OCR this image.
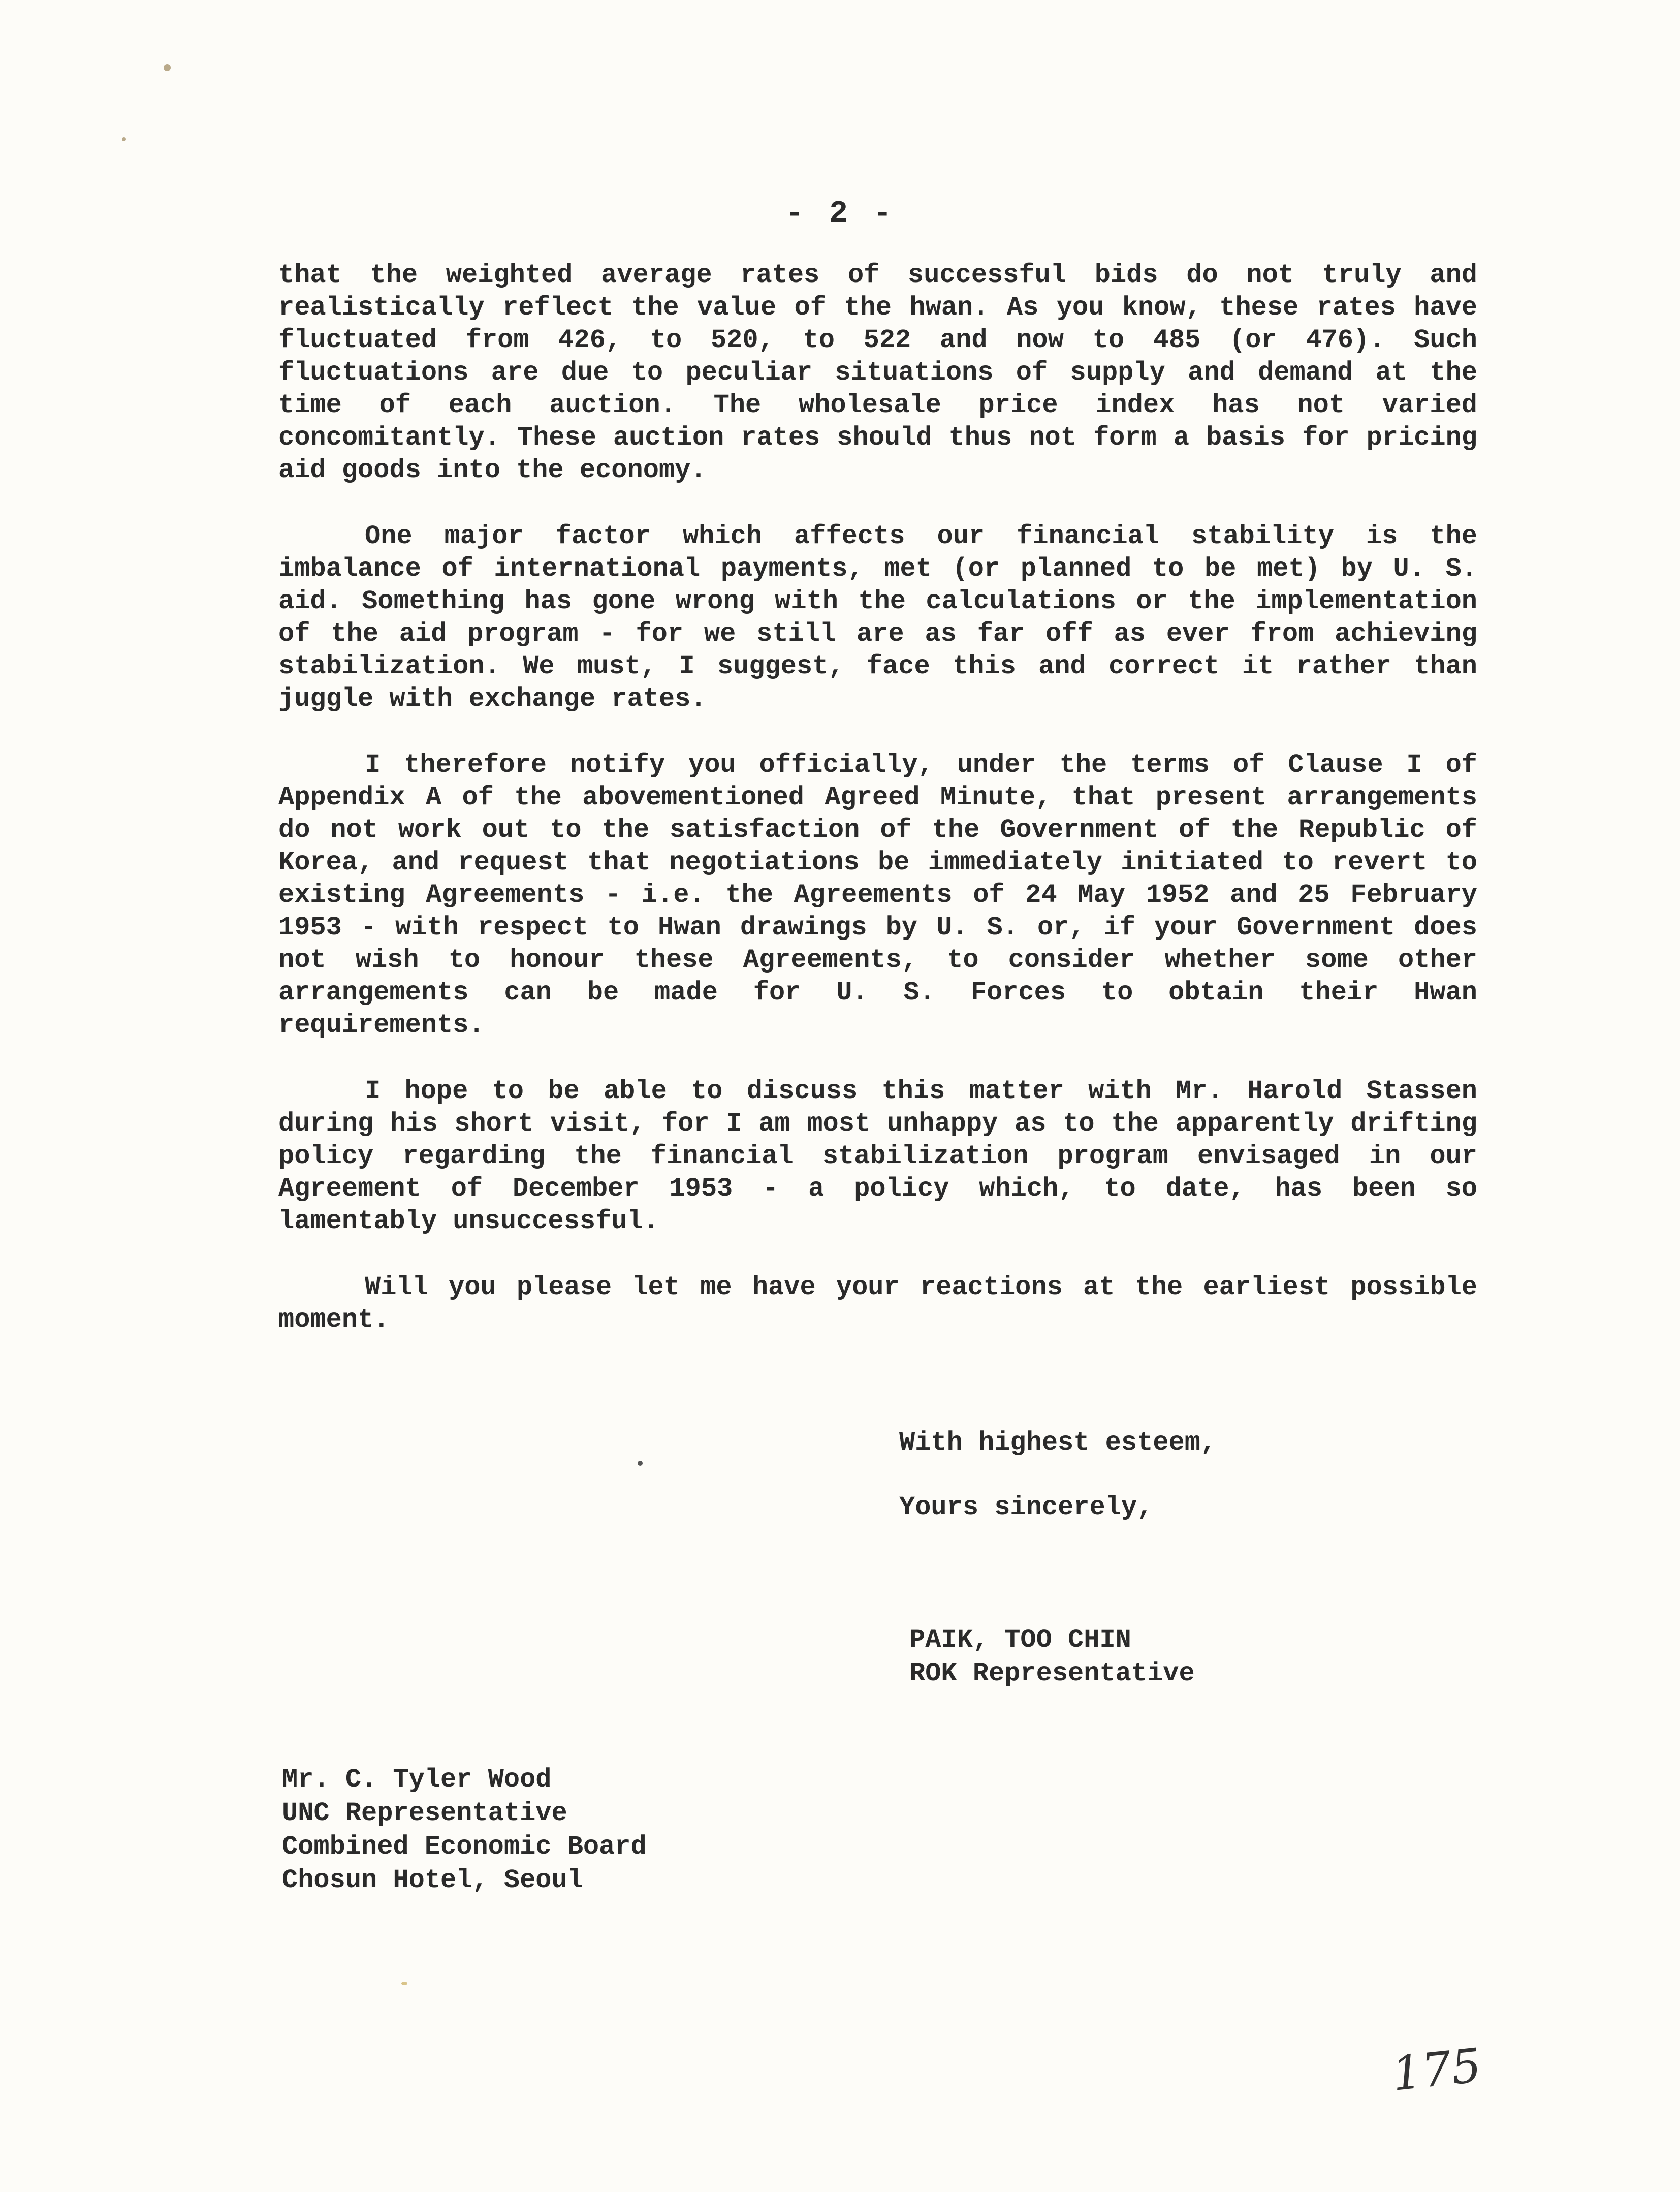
- 2 -

that the weighted average rates of successful bids do not truly and realistically reflect the value of the hwan. As you know, these rates have fluctuated from 426, to 520, to 522 and now to 485 (or 476). Such fluctuations are due to peculiar situations of supply and demand at the time of each auction. The wholesale price index has not varied concomitantly. These auction rates should thus not form a basis for pricing aid goods into the economy.

One major factor which affects our financial stability is the imbalance of international payments, met (or planned to be met) by U. S. aid. Something has gone wrong with the calculations or the implementation of the aid program - for we still are as far off as ever from achieving stabilization. We must, I suggest, face this and correct it rather than juggle with exchange rates.

I therefore notify you officially, under the terms of Clause I of Appendix A of the abovementioned Agreed Minute, that present arrangements do not work out to the satisfaction of the Government of the Republic of Korea, and request that negotiations be immediately initiated to revert to existing Agreements - i.e. the Agreements of 24 May 1952 and 25 February 1953 - with respect to Hwan drawings by U. S. or, if your Government does not wish to honour these Agreements, to consider whether some other arrangements can be made for U. S. Forces to obtain their Hwan requirements.

I hope to be able to discuss this matter with Mr. Harold Stassen during his short visit, for I am most unhappy as to the apparently drifting policy regarding the financial stabilization program envisaged in our Agreement of December 1953 - a policy which, to date, has been so lamentably unsuccessful.

Will you please let me have your reactions at the earliest possible moment.

With highest esteem,
Yours sincerely,
PAIK, TOO CHIN
ROK Representative
Mr. C. Tyler Wood
UNC Representative
Combined Economic Board
Chosun Hotel, Seoul
175
